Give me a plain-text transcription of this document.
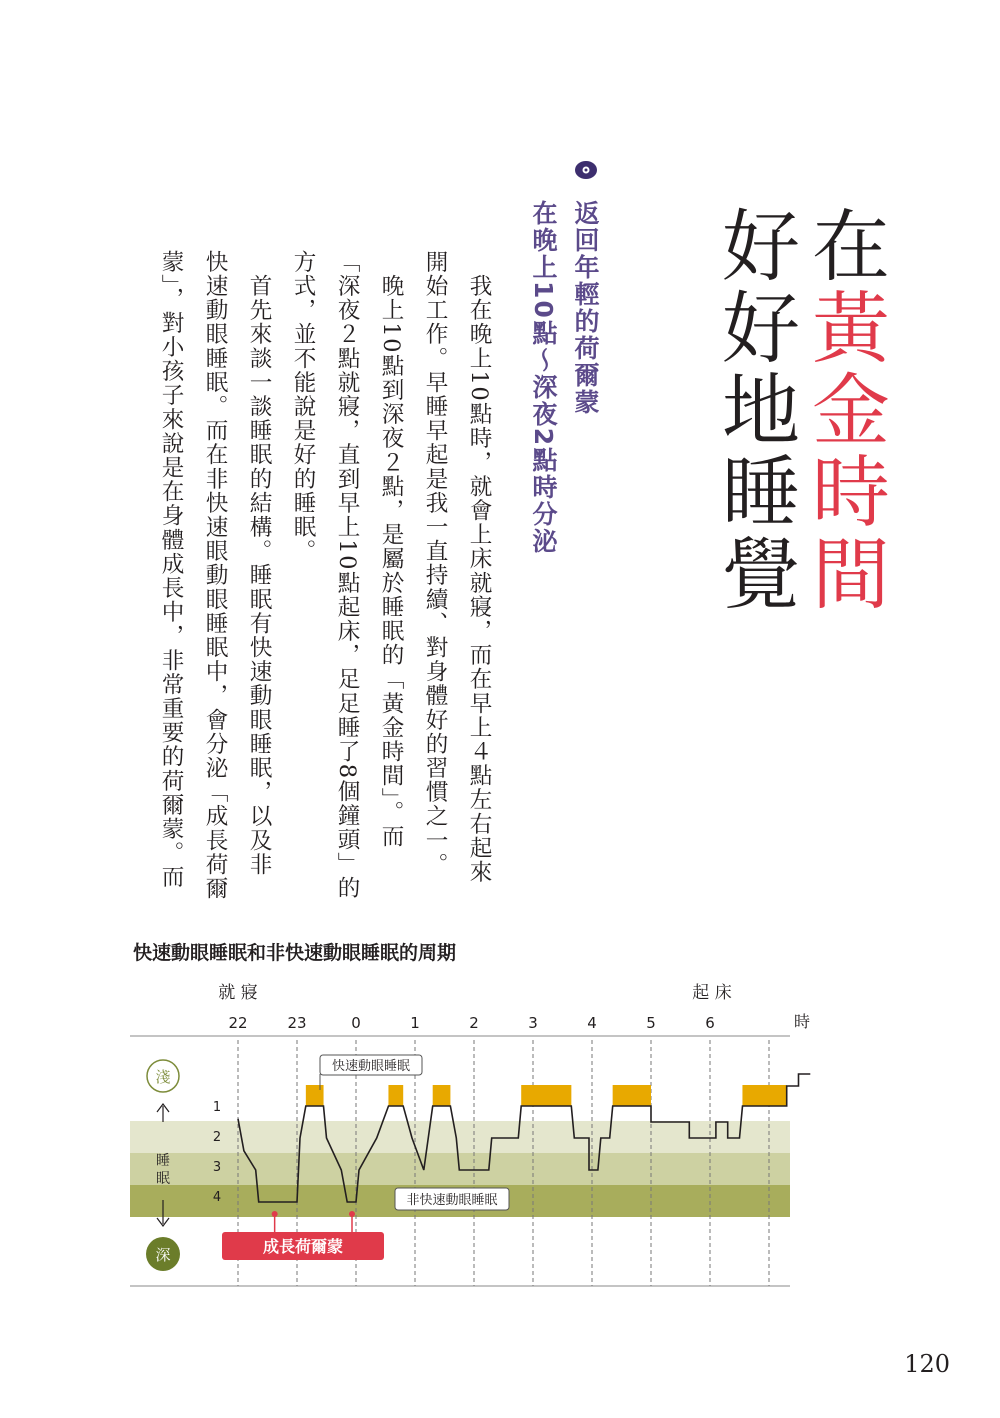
在黃金時間
好好地睡覺
返回年輕的荷爾蒙
在晚上10點～深夜2點時分泌
　我在晚上10點時，就會上床就寢，而在早上４點左右起來
開始工作。早睡早起是我一直持續、對身體好的習慣之一。
　晚上10點到深夜２點，是屬於睡眠的「黃金時間」。而
「深夜２點就寢，直到早上10點起床，足足睡了8個鐘頭」的
方式，並不能說是好的睡眠。
　首先來談一談睡眠的結構。睡眠有快速動眼睡眠，以及非
快速動眼睡眠。而在非快速眼動眼睡眠中，會分泌「成長荷爾
蒙」，對小孩子來說是在身體成長中，非常重要的荷爾蒙。而
快速動眼睡眠和非快速動眼睡眠的周期
就 寢	起 床
22	23	0	1	2	3	4	5	6	時
1
2
3
4
淺
睡
眠
深
快速動眼睡眠
非快速動眼睡眠
成長荷爾蒙
120
